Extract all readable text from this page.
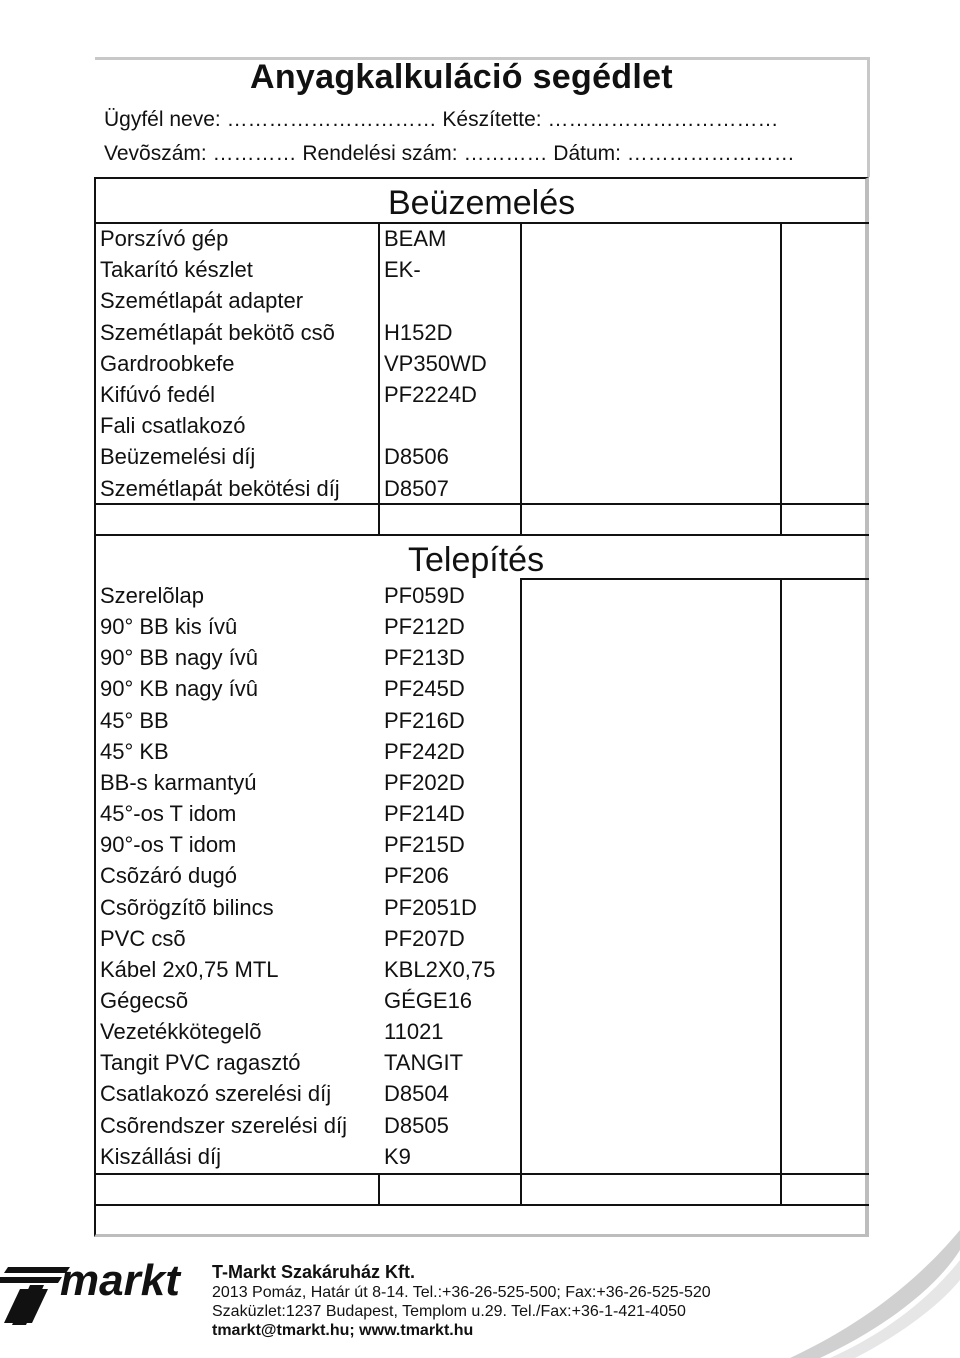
Anyagkalkuláció segédlet
Ügyfél neve: ………………………… Készítette: ……………………………
Vevõszám: ………… Rendelési szám: ………… Dátum: ……………………
Beüzemelés
Porszívó gép	BEAM
Takarító készlet	EK-
Szemétlapát adapter
Szemétlapát bekötõ csõ H152D
Gardroobkefe	VP350WD
Kifúvó fedél	PF2224D
Fali csatlakozó
Beüzemelési díj	D8506
Szemétlapát bekötési díj D8507
Telepítés
Szerelõlap	PF059D
90° BB kis ívû	PF212D
90° BB nagy ívû	PF213D
90° KB nagy ívû	PF245D
45° BB	PF216D
45° KB	PF242D
BB-s karmantyú	PF202D
45°-os T idom	PF214D
90°-os T idom	PF215D
Csõzáró dugó	PF206
Csõrögzítõ bilincs	PF2051D
PVC csõ	PF207D
Kábel 2x0,75 MTL	KBL2X0,75
Gégecsõ	GÉGE16
Vezetékkötegelõ	11021
Tangit PVC ragasztó	TANGIT
Csatlakozó szerelési díj D8504
Csõrendszer szerelési díj D8505
Kiszállási díj	K9
markt T-Markt Szakáruház Kft.
2013 Pomáz, Határ út 8-14. Tel.:+36-26-525-500; Fax:+36-26-525-520
Szaküzlet:1237 Budapest, Templom u.29. Tel./Fax:+36-1-421-4050
tmarkt@tmarkt.hu; www.tmarkt.hu
